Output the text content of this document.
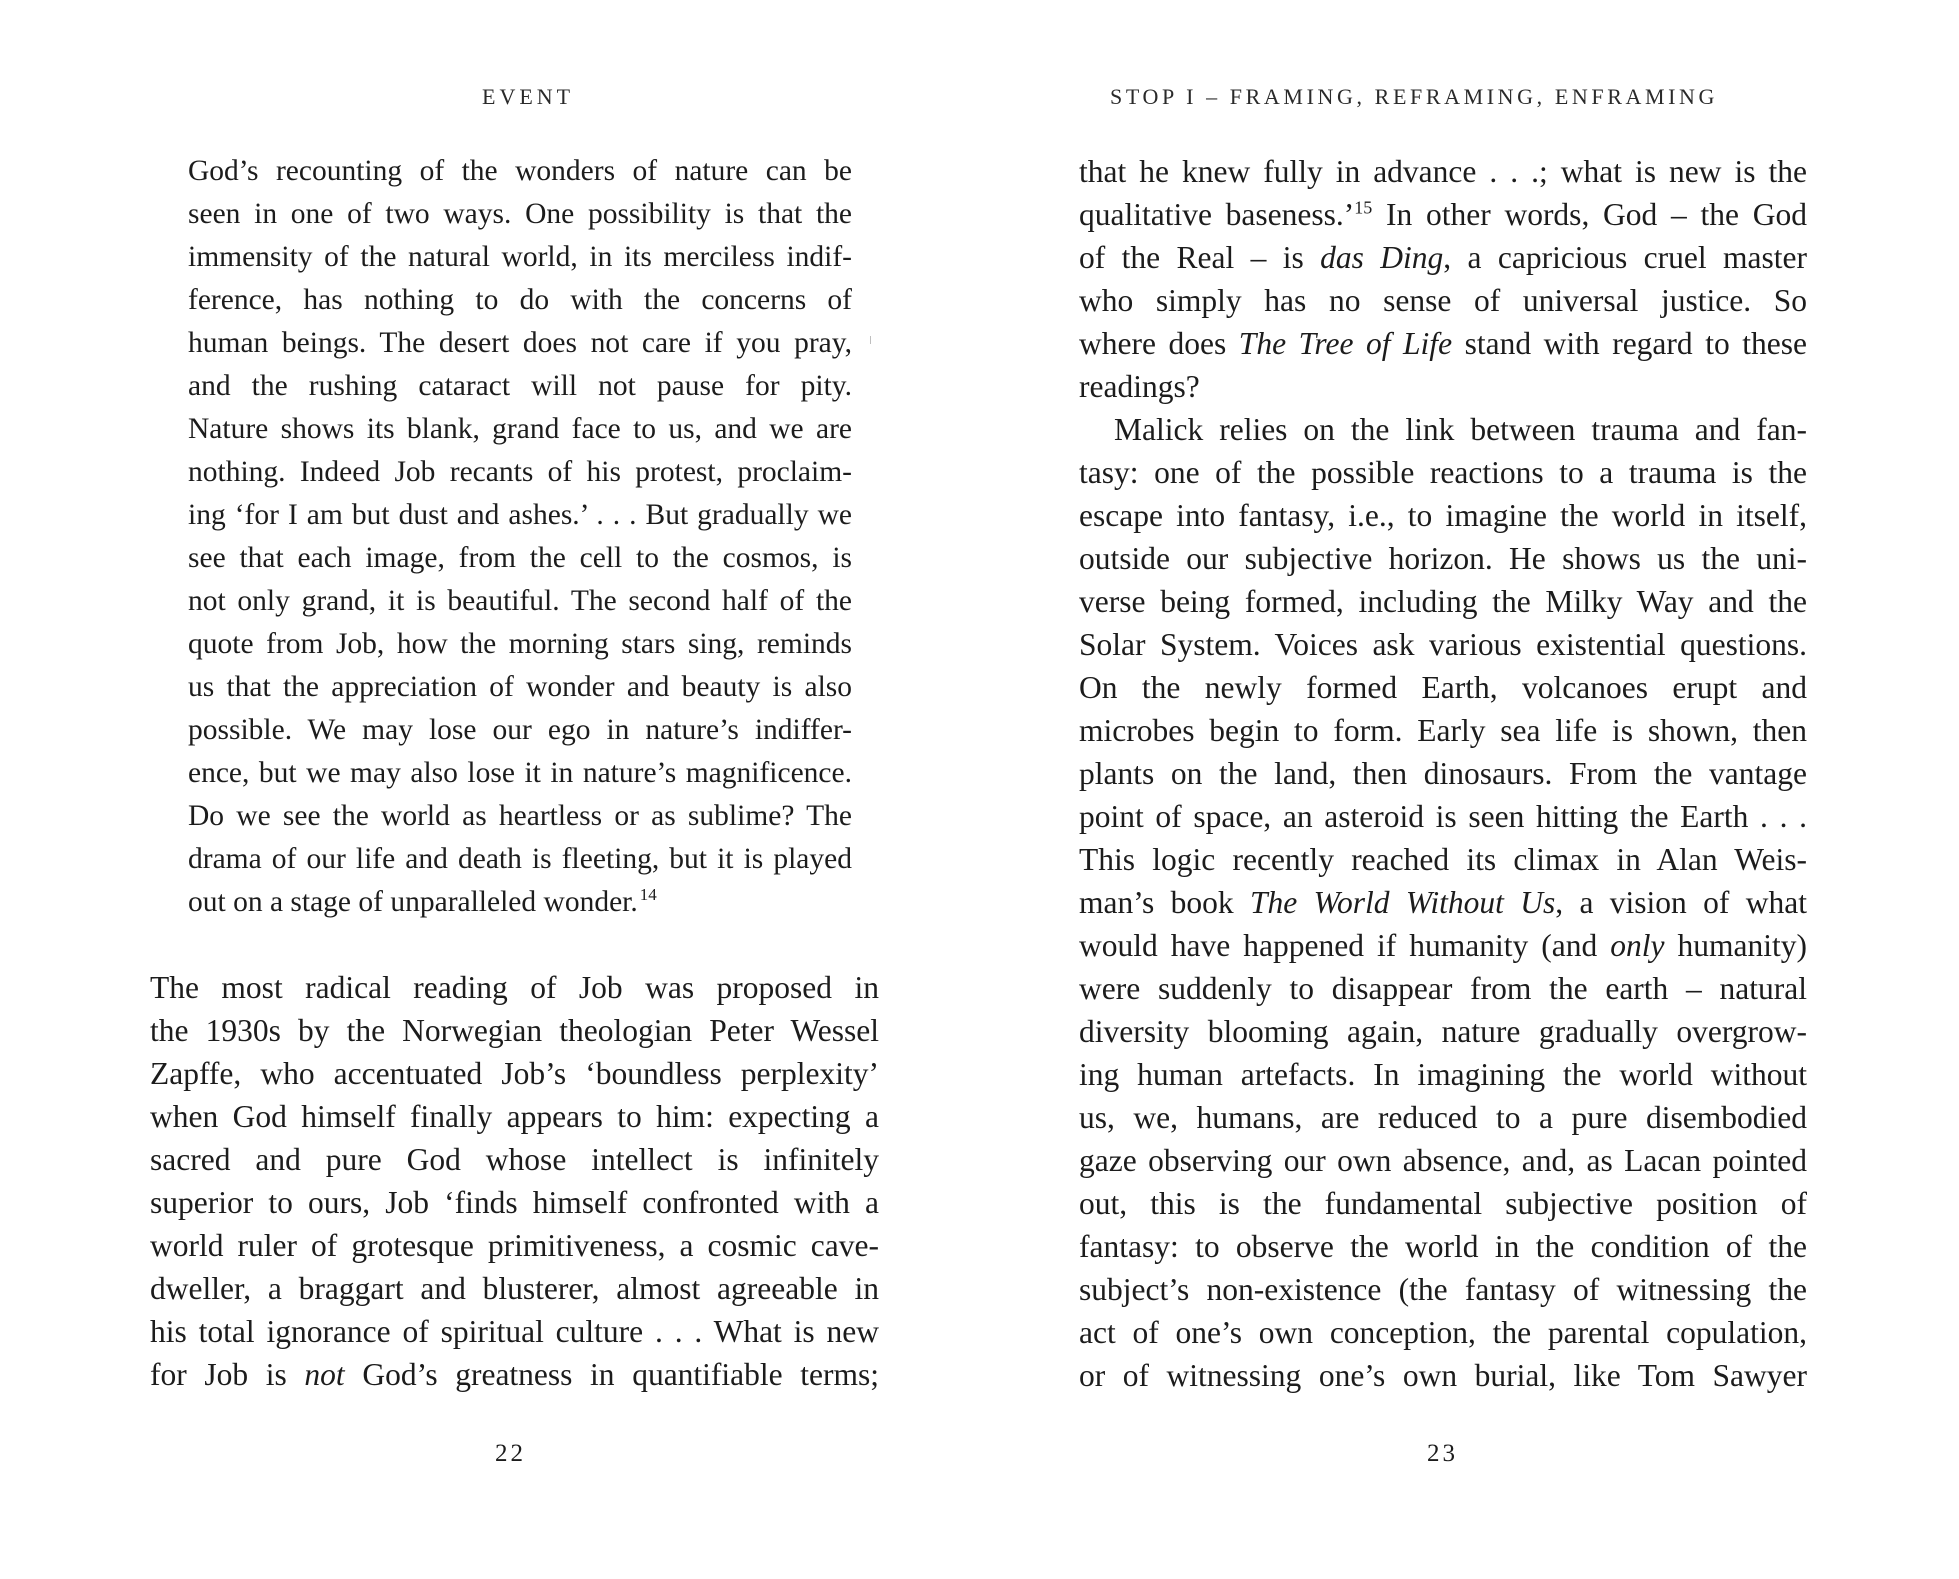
EVENT
God’s recounting of the wonders of nature can be
seen in one of two ways. One possibility is that the
immensity of the natural world, in its merciless indif-
ference, has nothing to do with the concerns of
human beings. The desert does not care if you pray,
and the rushing cataract will not pause for pity.
Nature shows its blank, grand face to us, and we are
nothing. Indeed Job recants of his protest, proclaim-
ing ‘for I am but dust and ashes.’ . . . But gradually we
see that each image, from the cell to the cosmos, is
not only grand, it is beautiful. The second half of the
quote from Job, how the morning stars sing, reminds
us that the appreciation of wonder and beauty is also
possible. We may lose our ego in nature’s indiffer-
ence, but we may also lose it in nature’s magnificence.
Do we see the world as heartless or as sublime? The
drama of our life and death is fleeting, but it is played
out on a stage of unparalleled wonder. $^{14}$
The most radical reading of Job was proposed in
the 1930s by the Norwegian theologian Peter Wessel
Zapffe, who accentuated Job’s ‘boundless perplexity’
when God himself finally appears to him: expecting a
sacred and pure God whose intellect is infinitely
superior to ours, Job ‘finds himself confronted with a
world ruler of grotesque primitiveness, a cosmic cave-
dweller, a braggart and blusterer, almost agreeable in
his total ignorance of spiritual culture . . . What is new
for Job is not God’s greatness in quantifiable terms;
22
STOP I – FRAMING, REFRAMING, ENFRAMING
that he knew fully in advance . . .; what is new is the
qualitative baseness.’$^{15}$ In other words, God – the God
of the Real – is das Ding, a capricious cruel master
who simply has no sense of universal justice. So
where does The Tree of Life stand with regard to these
readings?
Malick relies on the link between trauma and fan-
tasy: one of the possible reactions to a trauma is the
escape into fantasy, i.e., to imagine the world in itself,
outside our subjective horizon. He shows us the uni-
verse being formed, including the Milky Way and the
Solar System. Voices ask various existential questions.
On the newly formed Earth, volcanoes erupt and
microbes begin to form. Early sea life is shown, then
plants on the land, then dinosaurs. From the vantage
point of space, an asteroid is seen hitting the Earth . . .
This logic recently reached its climax in Alan Weis-
man’s book The World Without Us, a vision of what
would have happened if humanity (and only humanity)
were suddenly to disappear from the earth – natural
diversity blooming again, nature gradually overgrow-
ing human artefacts. In imagining the world without
us, we, humans, are reduced to a pure disembodied
gaze observing our own absence, and, as Lacan pointed
out, this is the fundamental subjective position of
fantasy: to observe the world in the condition of the
subject’s non-existence (the fantasy of witnessing the
act of one’s own conception, the parental copulation,
or of witnessing one’s own burial, like Tom Sawyer
23
